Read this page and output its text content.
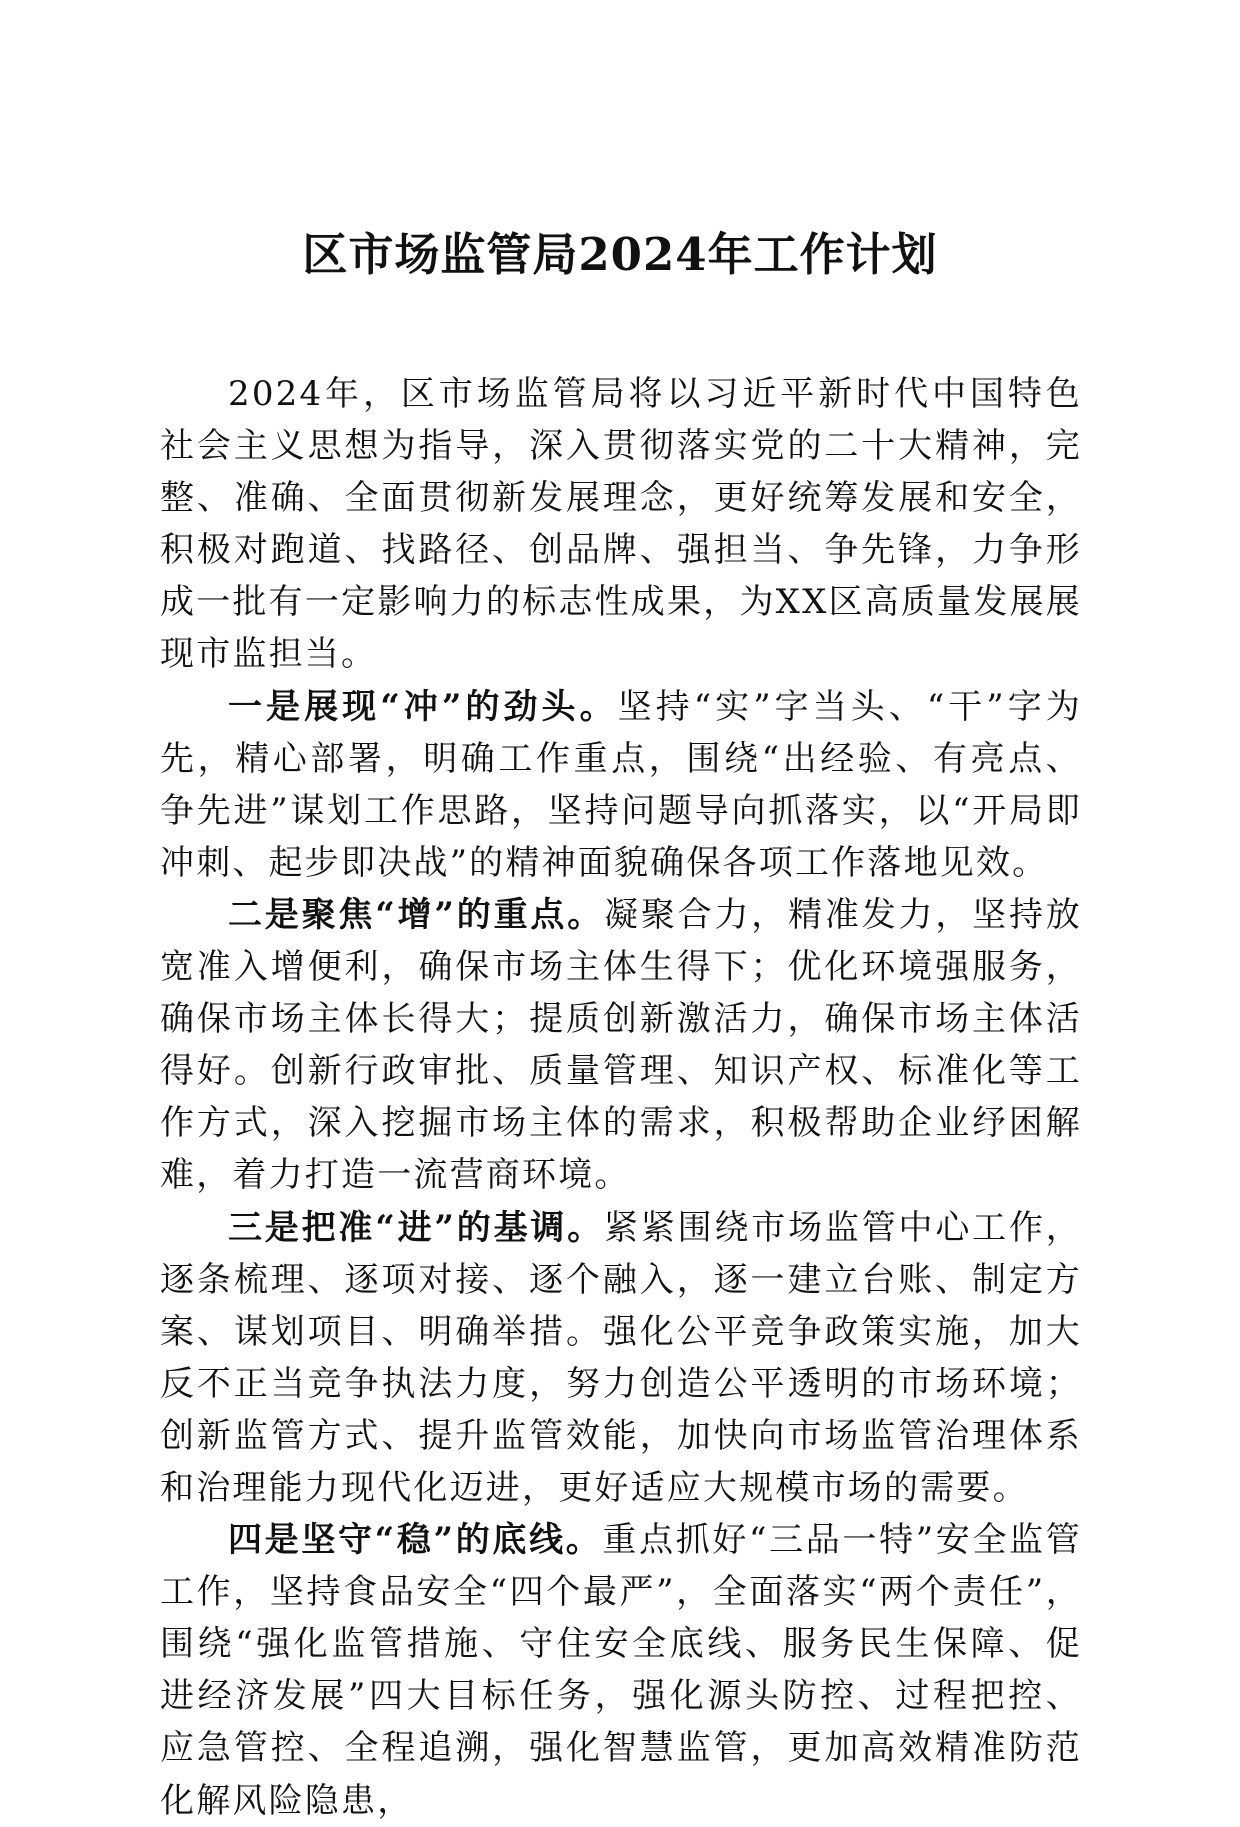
区市场监管局2024年工作计划

2024年，区市场监管局将以习近平新时代中国特色社会主义思想为指导，深入贯彻落实党的二十大精神，完整、准确、全面贯彻新发展理念，更好统筹发展和安全，积极对跑道、找路径、创品牌、强担当、争先锋，力争形成一批有一定影响力的标志性成果，为XX区高质量发展展现市监担当。

一是展现“冲”的劲头。坚持“实”字当头、“干”字为先，精心部署，明确工作重点，围绕“出经验、有亮点、争先进”谋划工作思路，坚持问题导向抓落实，以“开局即冲刺、起步即决战”的精神面貌确保各项工作落地见效。

二是聚焦“增”的重点。凝聚合力，精准发力，坚持放宽准入增便利，确保市场主体生得下；优化环境强服务，确保市场主体长得大；提质创新激活力，确保市场主体活得好。创新行政审批、质量管理、知识产权、标准化等工作方式，深入挖掘市场主体的需求，积极帮助企业纾困解难，着力打造一流营商环境。

三是把准“进”的基调。紧紧围绕市场监管中心工作，逐条梳理、逐项对接、逐个融入，逐一建立台账、制定方案、谋划项目、明确举措。强化公平竞争政策实施，加大反不正当竞争执法力度，努力创造公平透明的市场环境；创新监管方式、提升监管效能，加快向市场监管治理体系和治理能力现代化迈进，更好适应大规模市场的需要。

四是坚守“稳”的底线。重点抓好“三品一特”安全监管工作，坚持食品安全“四个最严”，全面落实“两个责任”，围绕“强化监管措施、守住安全底线、服务民生保障、促进经济发展”四大目标任务，强化源头防控、过程把控、应急管控、全程追溯，强化智慧监管，更加高效精准防范化解风险隐患，
